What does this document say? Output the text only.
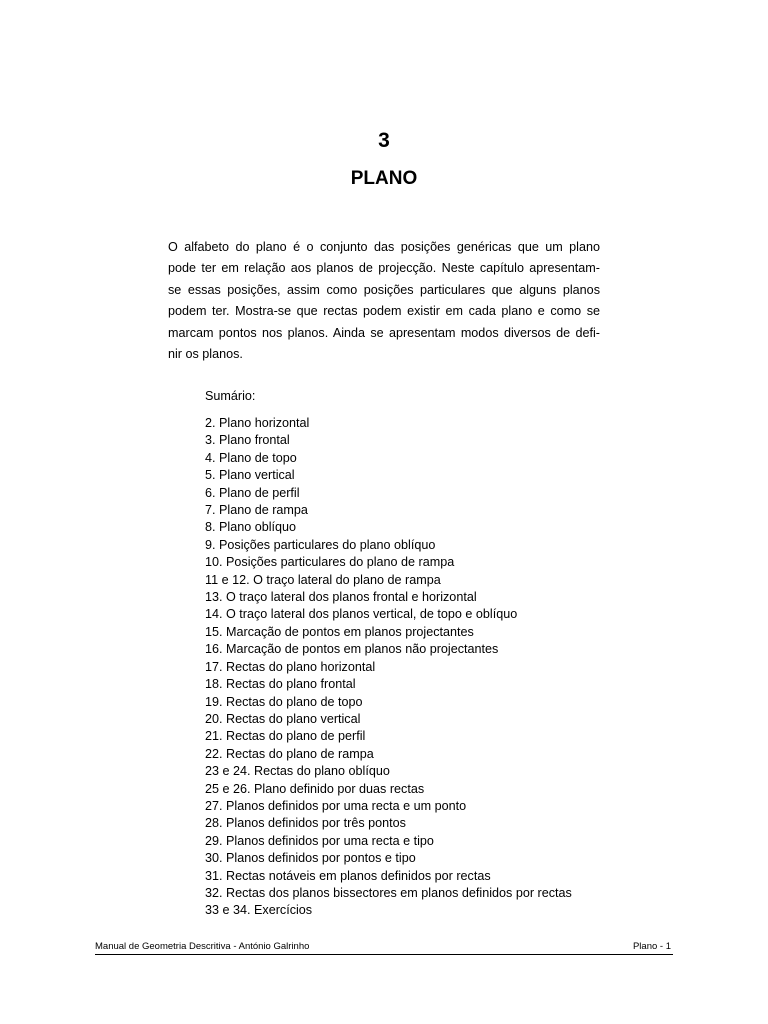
3
PLANO

O alfabeto do plano é o conjunto das posições genéricas que um plano
pode ter em relação aos planos de projecção. Neste capítulo apresentam-
se essas posições, assim como posições particulares que alguns planos
podem ter. Mostra-se que rectas podem existir em cada plano e como se
marcam pontos nos planos. Ainda se apresentam modos diversos de defi-
nir os planos.

Sumário:
2. Plano horizontal
3. Plano frontal
4. Plano de topo
5. Plano vertical
6. Plano de perfil
7. Plano de rampa
8. Plano oblíquo
9. Posições particulares do plano oblíquo
10. Posições particulares do plano de rampa
11 e 12. O traço lateral do plano de rampa
13. O traço lateral dos planos frontal e horizontal
14. O traço lateral dos planos vertical, de topo e oblíquo
15. Marcação de pontos em planos projectantes
16. Marcação de pontos em planos não projectantes
17. Rectas do plano horizontal
18. Rectas do plano frontal
19. Rectas do plano de topo
20. Rectas do plano vertical
21. Rectas do plano de perfil
22. Rectas do plano de rampa
23 e 24. Rectas do plano oblíquo
25 e 26. Plano definido por duas rectas
27. Planos definidos por uma recta e um ponto
28. Planos definidos por três pontos
29. Planos definidos por uma recta e tipo
30. Planos definidos por pontos e tipo
31. Rectas notáveis em planos definidos por rectas
32. Rectas dos planos bissectores em planos definidos por rectas
33 e 34. Exercícios
Manual de Geometria Descritiva - António Galrinho	Plano - 1
